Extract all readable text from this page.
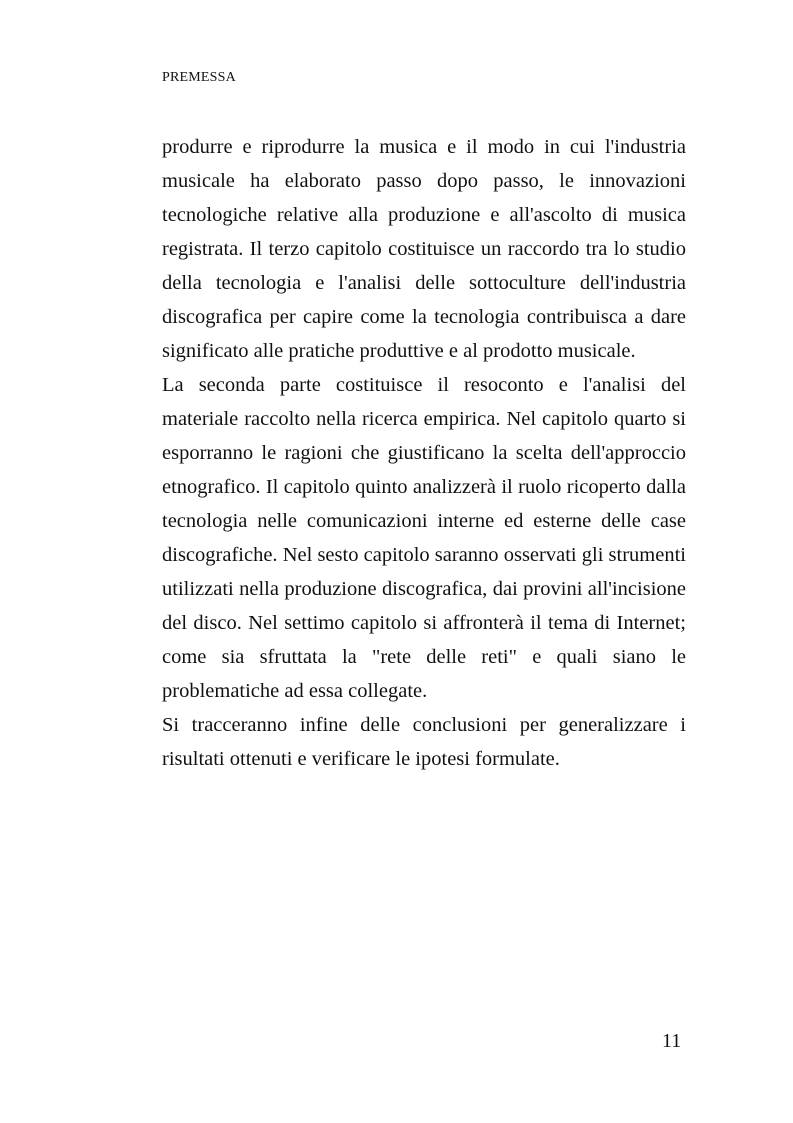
PREMESSA

produrre e riprodurre la musica e il modo in cui l'industria musicale ha elaborato passo dopo passo, le innovazioni tecnologiche relative alla produzione e all'ascolto di musica registrata. Il terzo capitolo costituisce un raccordo tra lo studio della tecnologia e l'analisi delle sottoculture dell'industria discografica per capire come la tecnologia contribuisca a dare significato alle pratiche produttive e al prodotto musicale.

La seconda parte costituisce il resoconto e l'analisi del materiale raccolto nella ricerca empirica. Nel capitolo quarto si esporranno le ragioni che giustificano la scelta dell'approccio etnografico. Il capitolo quinto analizzerà il ruolo ricoperto dalla tecnologia nelle comunicazioni interne ed esterne delle case discografiche. Nel sesto capitolo saranno osservati gli strumenti utilizzati nella produzione discografica, dai provini all'incisione del disco. Nel settimo capitolo si affronterà il tema di Internet; come sia sfruttata la "rete delle reti" e quali siano le problematiche ad essa collegate.

Si tracceranno infine delle conclusioni per generalizzare i risultati ottenuti e verificare le ipotesi formulate.

11
